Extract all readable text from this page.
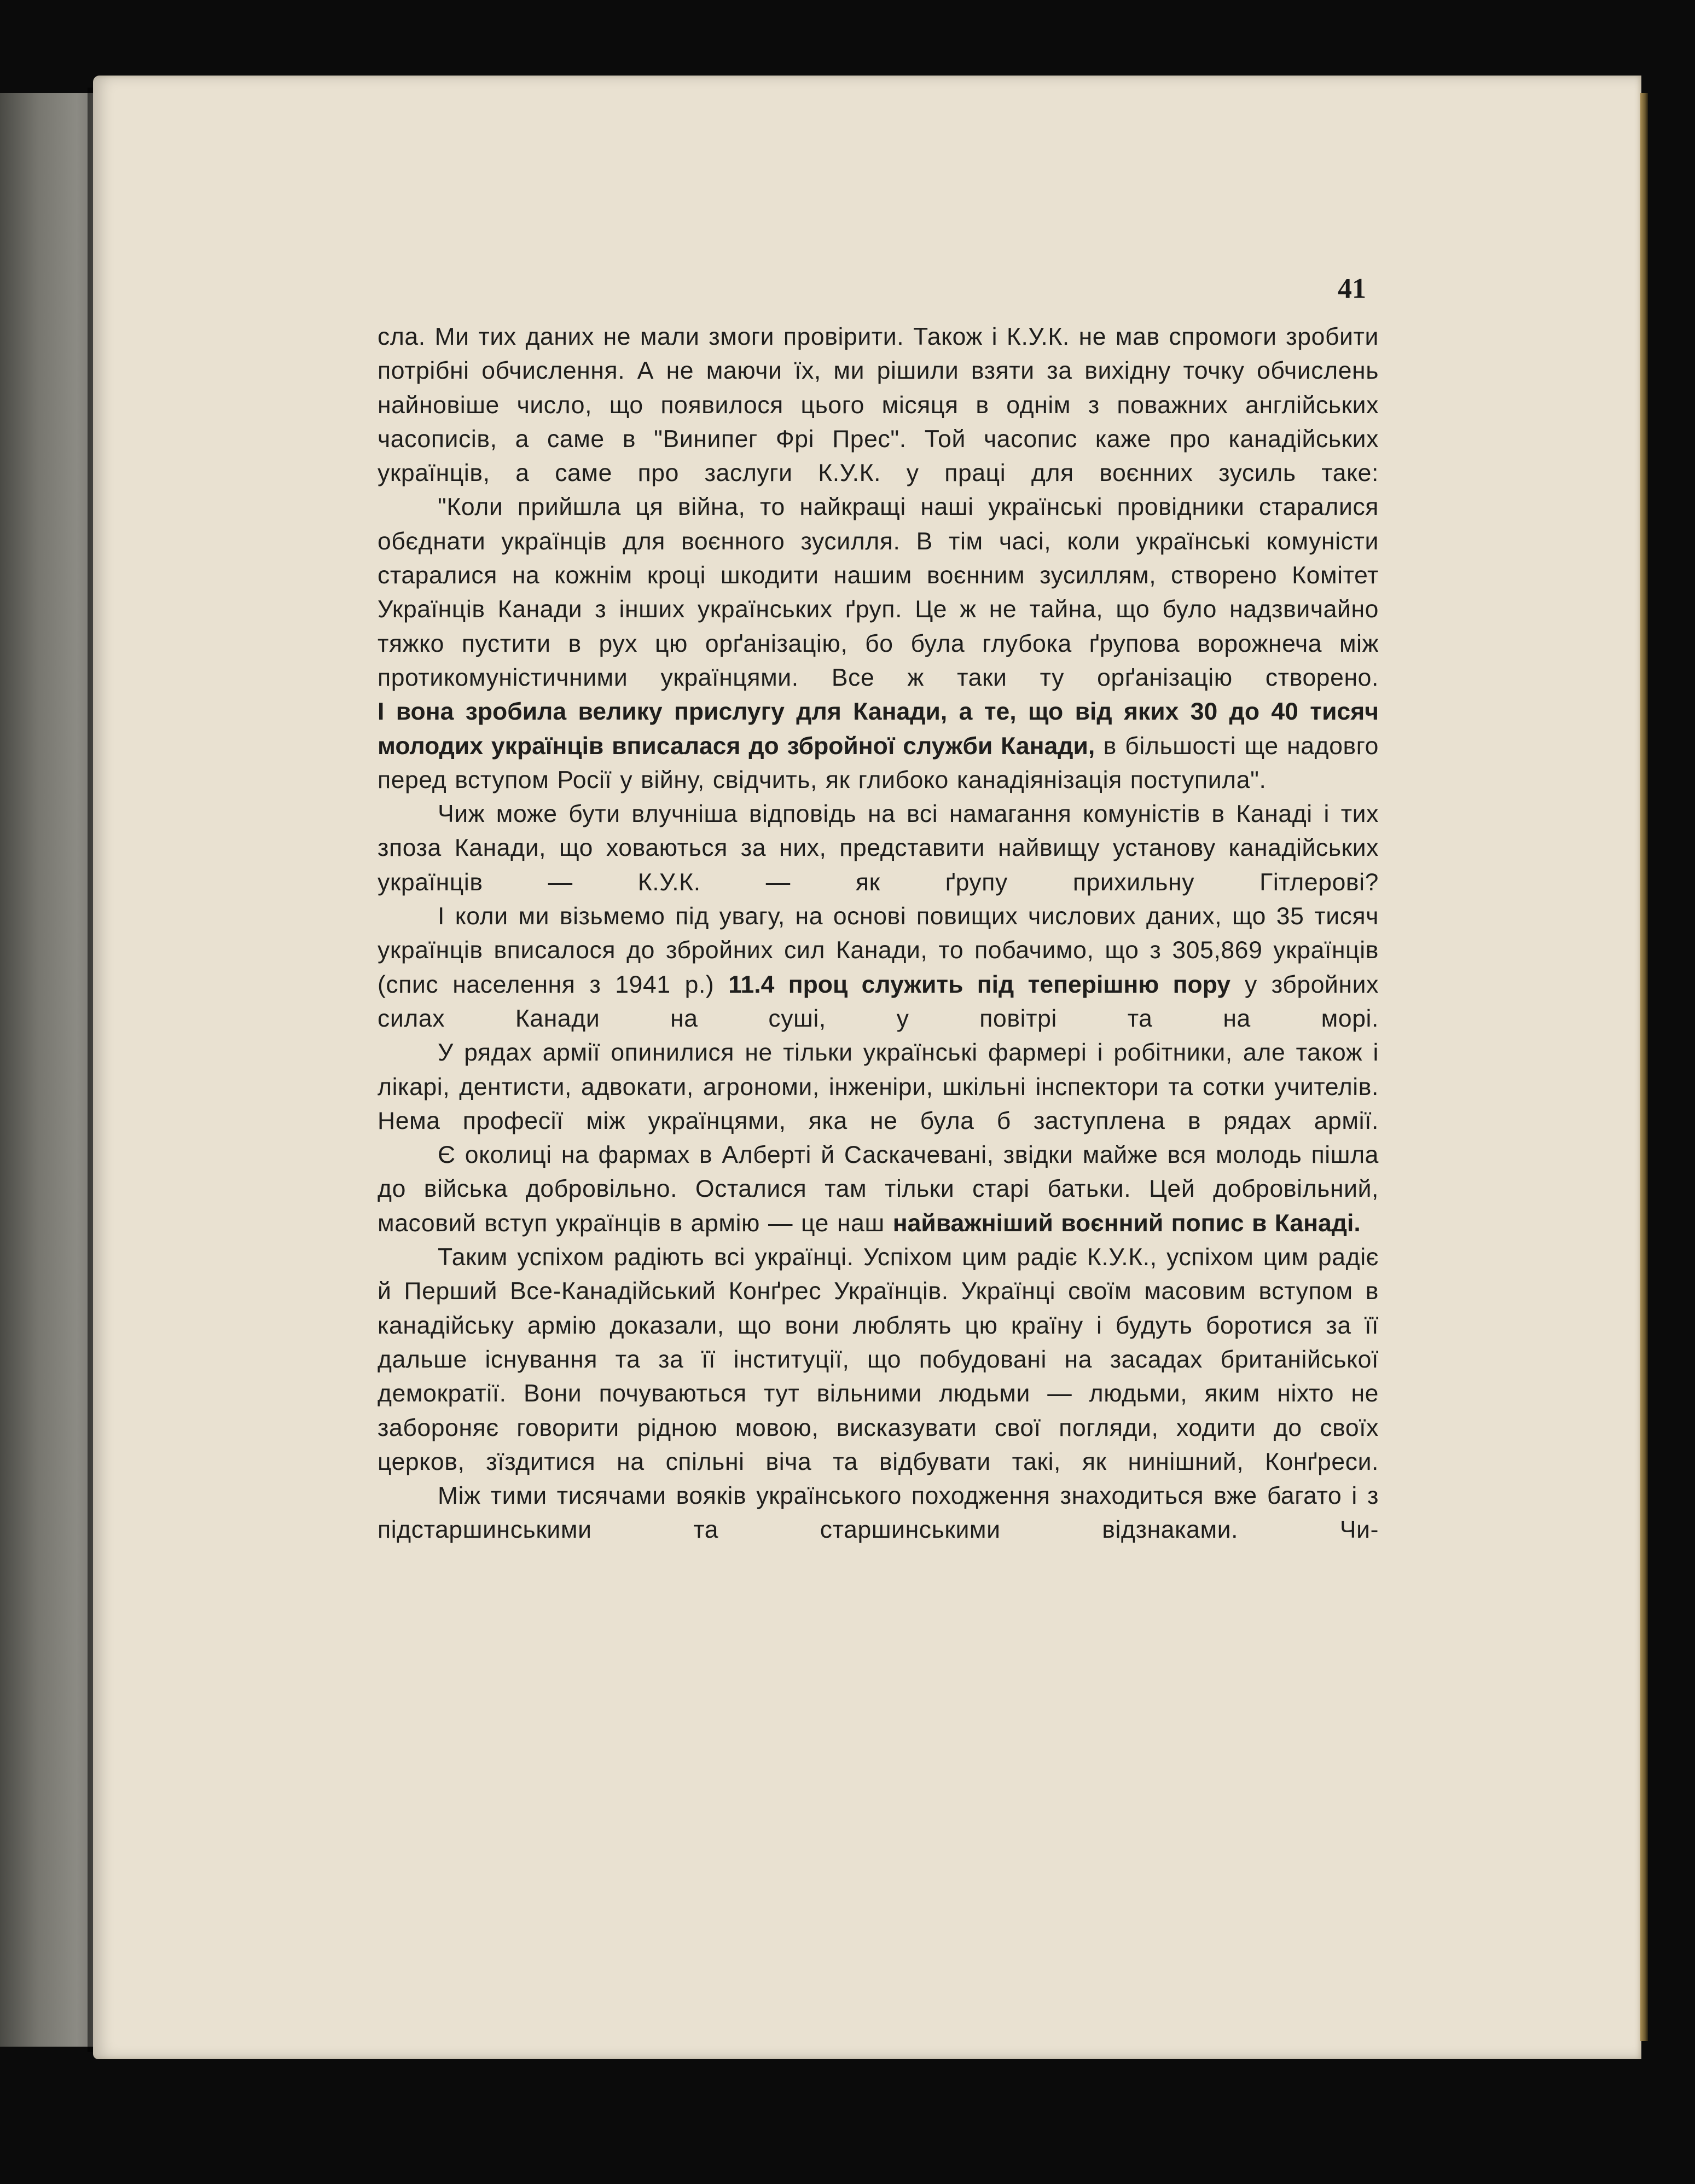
41

сла. Ми тих даних не мали змоги провірити. Також і К.У.К. не мав спромоги зробити потрібні обчислення. А не маючи їх, ми рішили взяти за вихідну точку обчислень найновіше число, що появилося цього місяця в однім з поважних англійських часописів, а саме в "Винипег Фрі Прес". Той часопис каже про канадійських українців, а саме про заслуги К.У.К. у праці для воєнних зусиль таке:

"Коли прийшла ця війна, то найкращі наші українські провідники старалися обєднати українців для воєнного зусилля. В тім часі, коли українські комуністи старалися на кожнім кроці шкодити нашим воєнним зусиллям, створено Комітет Українців Канади з інших українських ґруп. Це ж не тайна, що було надзвичайно тяжко пустити в рух цю орґанізацію, бо була глубока ґрупова ворожнеча між протикомуністичними українцями. Все ж таки ту орґанізацію створено.

І вона зробила велику прислугу для Канади, а те, що від яких 30 до 40 тисяч молодих українців вписалася до збройної служби Канади, в більшості ще надовго перед вступом Росії у війну, свідчить, як глибоко канадіянізація поступила".

Чиж може бути влучніша відповідь на всі намагання комуністів в Канаді і тих зпоза Канади, що ховаються за них, представити найвищу установу канадійських українців — К.У.К. — як ґрупу прихильну Гітлерові?

І коли ми візьмемо під увагу, на основі повищих числових даних, що 35 тисяч українців вписалося до збройних сил Канади, то побачимо, що з 305,869 українців (спис населення з 1941 р.) 11.4 проц служить під теперішню пору у збройних силах Канади на суші, у повітрі та на морі.

У рядах армії опинилися не тільки українські фармері і робітники, але також і лікарі, дентисти, адвокати, агрономи, інженіри, шкільні інспектори та сотки учителів. Нема професії між українцями, яка не була б заступлена в рядах армії.

Є околиці на фармах в Алберті й Саскачевані, звідки майже вся молодь пішла до війська добровільно. Осталися там тільки старі батьки. Цей добровільний, масовий вступ українців в армію — це наш найважніший воєнний попис в Канаді.

Таким успіхом радіють всі українці. Успіхом цим радіє К.У.К., успіхом цим радіє й Перший Все-Канадійський Конґрес Українців. Українці своїм масовим вступом в канадійську армію доказали, що вони люблять цю країну і будуть боротися за її дальше існування та за її інституції, що побудовані на засадах британійської демократії. Вони почуваються тут вільними людьми — людьми, яким ніхто не забороняє говорити рідною мовою, висказувати свої погляди, ходити до своїх церков, зїздитися на спільні віча та відбувати такі, як нинішний, Конґреси.

Між тими тисячами вояків українського походження знаходиться вже багато і з підстаршинськими та старшинськими відзнаками. Чи-
